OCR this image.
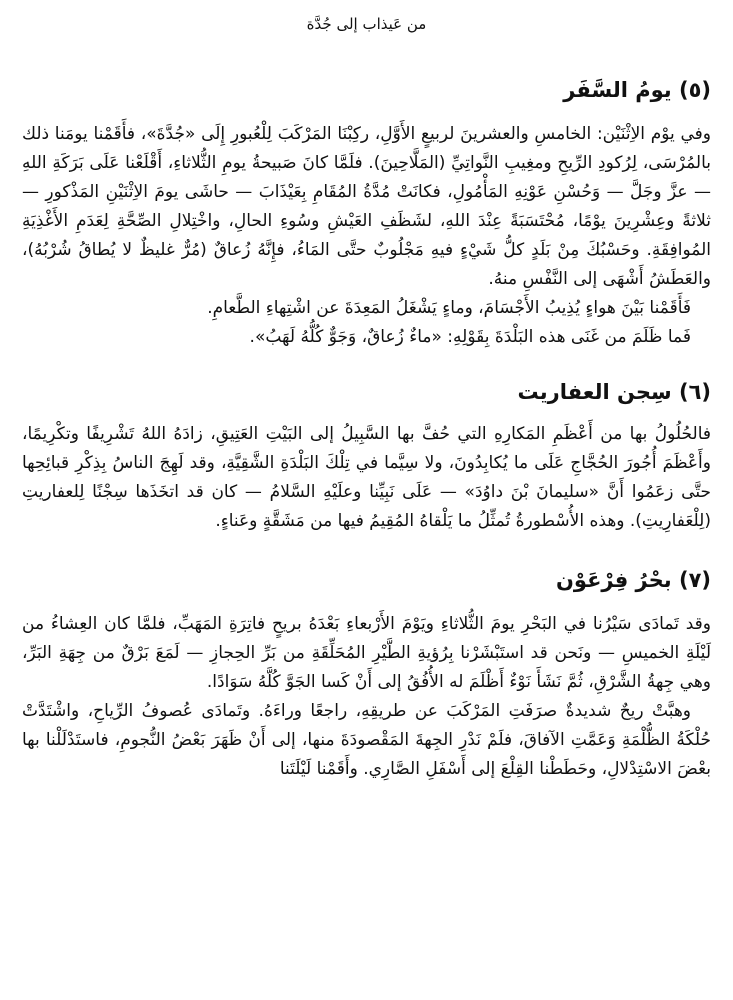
من عَيذاب إلى جُدَّة
(٥) يومُ السَّفَر

وفي يوْم الاِثْنَيْن: الخامسِ والعشرينَ لربيعٍ الأَوَّلِ، ركِبْنَا المَرْكَبَ لِلْعُبورِ إِلَى «جُدَّةَ»، فأَقَمْنا يومَنا ذلك بالمُرْسَى، لِرُكودِ الرِّيحِ ومغِيبِ النَّواتِيِّ (المَلَّاحِينَ). فلَمَّا كانَ صَبيحةُ يومِ الثُّلاثاءِ، أَقْلَعْنا عَلَى بَرَكَةِ اللهِ — عزَّ وجَلَّ — وَحُسْنِ عَوْنِهِ المَأْمُولِ، فكانَتْ مُدَّةُ المُقَامِ بِعَيْذَابَ — حاشَى يومَ الاِثْنَيْنِ المَذْكورِ — ثلاثةً وعِشْرِينَ يوْمًا، مُحْتَسَبَةً عِنْدَ اللهِ، لشَظَفِ العَيْشِ وسُوءِ الحالِ، واخْتِلالِ الصِّحَّةِ لِعَدَمِ الأَغْذِيَةِ المُوافِقَةِ. وحَسْبُكَ مِنْ بَلَدٍ كلُّ شَيْءٍ فيهِ مَجْلُوبٌ حتَّى المَاءُ، فإِنَّهُ زُعاقٌ (مُرٌّ غليظٌ لا يُطاقُ شُرْبُهُ)، والعَطَشُ أَشْهَى إلى النَّفْسِ منهُ.

فَأَقَمْنا بَيْنَ هواءٍ يُذِيبُ الأَجْسَامَ، وماءٍ يَشْغَلُ المَعِدَةَ عن اشْتِهاءِ الطَّعامِ.

فَما ظَلَمَ من غَنَى هذه البَلْدَةَ بِقَوْلِهِ: «ماءٌ زُعاقٌ، وَجَوٌّ كُلُّهُ لَهَبُ».

(٦) سِجن العفاريت

فالحُلُولُ بها من أَعْظَمِ المَكارِهِ التي حُفَّ بها السَّبِيلُ إلى البَيْتِ العَتِيقِ، زادَهُ اللهُ تَشْرِيفًا وتكْرِيمًا، وأَعْظَمَ أُجُورَ الحُجَّاجِ عَلَى ما يُكابِدُونَ، ولا سِيَّما في تِلْكَ البَلْدَةِ الشَّقِيَّةِ، وقد لَهِجَ الناسُ بِذِكْرِ قبائِحِها حتَّى زعَمُوا أَنَّ «سليمانَ بْنَ داوُدَ» — عَلَى نَبِيِّنا وعلَيْهِ السَّلامُ — كان قد اتخَذَها سِجْنًا لِلعفاريتِ (لِلْعَفارِيتِ). وهذه الأُسْطورةُ تُمثِّلُ ما يَلْقاهُ المُقِيمُ فيها من مَشَقَّةٍ وعَناءٍ.

(٧) بحْرُ فِرْعَوْن

وقد تَمادَى سَيْرُنا في البَحْرِ يومَ الثُّلاثاءِ ويَوْمَ الأَرْبعاءِ بَعْدَهُ بريحٍ فاتِرَةِ المَهَبِّ، فلمَّا كان العِشاءُ من لَيْلَةِ الخميسِ — ونَحن قد استَبْشَرْنا بِرُؤيةِ الطَّيْرِ المُحَلِّقَةِ من بَرِّ الحِجازِ — لَمَعَ بَرْقٌ من جِهَةِ البَرِّ، وهي جِهةُ الشَّرْقِ، ثُمَّ نَشَأَ نَوْءٌ أَظْلَمَ له الأُفُقُ إلى أَنْ كَسا الجَوَّ كُلَّهُ سَوَادًا.

وهبَّتْ ريحٌ شديدةٌ صرَفَتِ المَرْكَبَ عن طريقِهِ، راجعًا وراءَهُ. وتَمادَى عُصوفُ الرِّياحِ، واشْتَدَّتْ حُلْكَةُ الظُّلْمَةِ وَعَمَّتِ الآفاقَ، فلَمْ نَدْرِ الجِهةَ المَقْصودَةَ منها، إلى أَنْ ظَهَرَ بَعْضُ النُّجومِ، فاستَدْلَلْنا بها بعْضَ الاسْتِدْلالِ، وحَطَطْنا القِلْعَ إلى أَسْفَلِ الصَّارِي. وأَقَمْنا لَيْلَتَنا
